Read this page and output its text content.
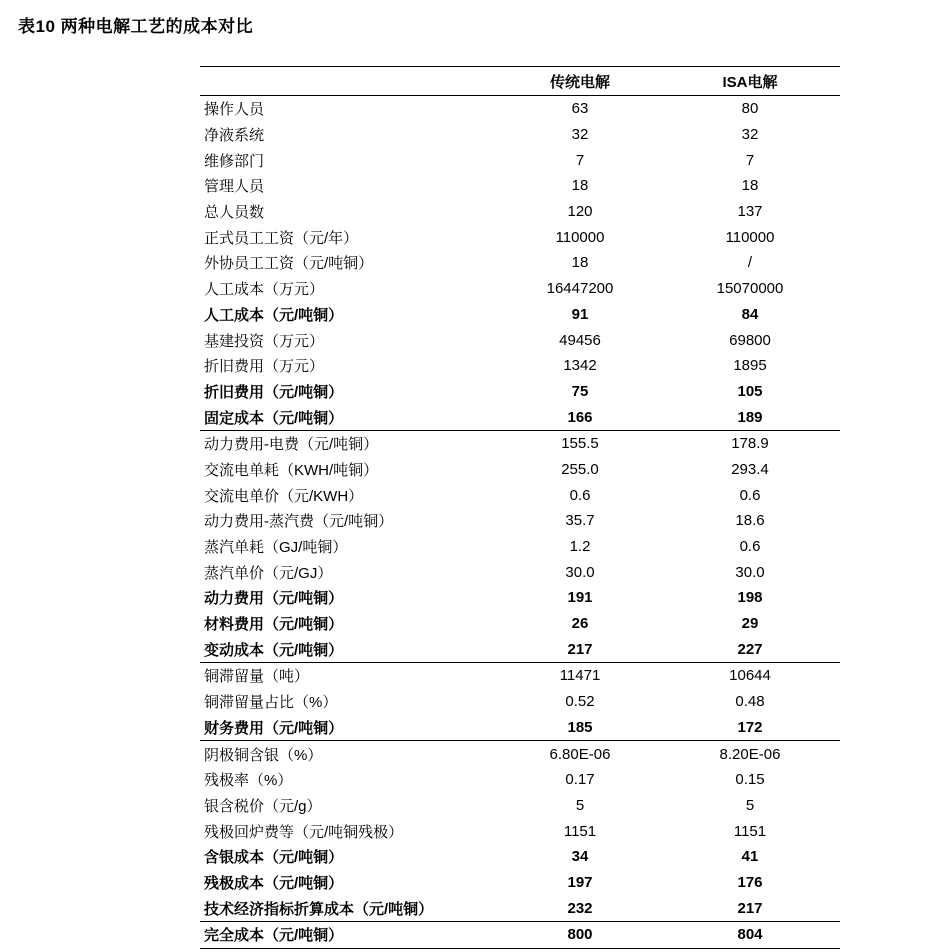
表10 两种电解工艺的成本对比
	传统电解	ISA电解
操作人员	63	80
净液系统	32	32
维修部门	7	7
管理人员	18	18
总人员数	120	137
正式员工工资（元/年）	110000	110000
外协员工工资（元/吨铜）	18	/
人工成本（万元）	16447200	15070000
人工成本（元/吨铜）	91	84
基建投资（万元）	49456	69800
折旧费用（万元）	1342	1895
折旧费用（元/吨铜）	75	105
固定成本（元/吨铜）	166	189
动力费用-电费（元/吨铜）	155.5	178.9
交流电单耗（KWH/吨铜）	255.0	293.4
交流电单价（元/KWH）	0.6	0.6
动力费用-蒸汽费（元/吨铜）	35.7	18.6
蒸汽单耗（GJ/吨铜）	1.2	0.6
蒸汽单价（元/GJ）	30.0	30.0
动力费用（元/吨铜）	191	198
材料费用（元/吨铜）	26	29
变动成本（元/吨铜）	217	227
铜滞留量（吨）	11471	10644
铜滞留量占比（%）	0.52	0.48
财务费用（元/吨铜）	185	172
阴极铜含银（%）	6.80E-06	8.20E-06
残极率（%）	0.17	0.15
银含税价（元/g）	5	5
残极回炉费等（元/吨铜残极）	1151	1151
含银成本（元/吨铜）	34	41
残极成本（元/吨铜）	197	176
技术经济指标折算成本（元/吨铜）	232	217
完全成本（元/吨铜）	800	804
